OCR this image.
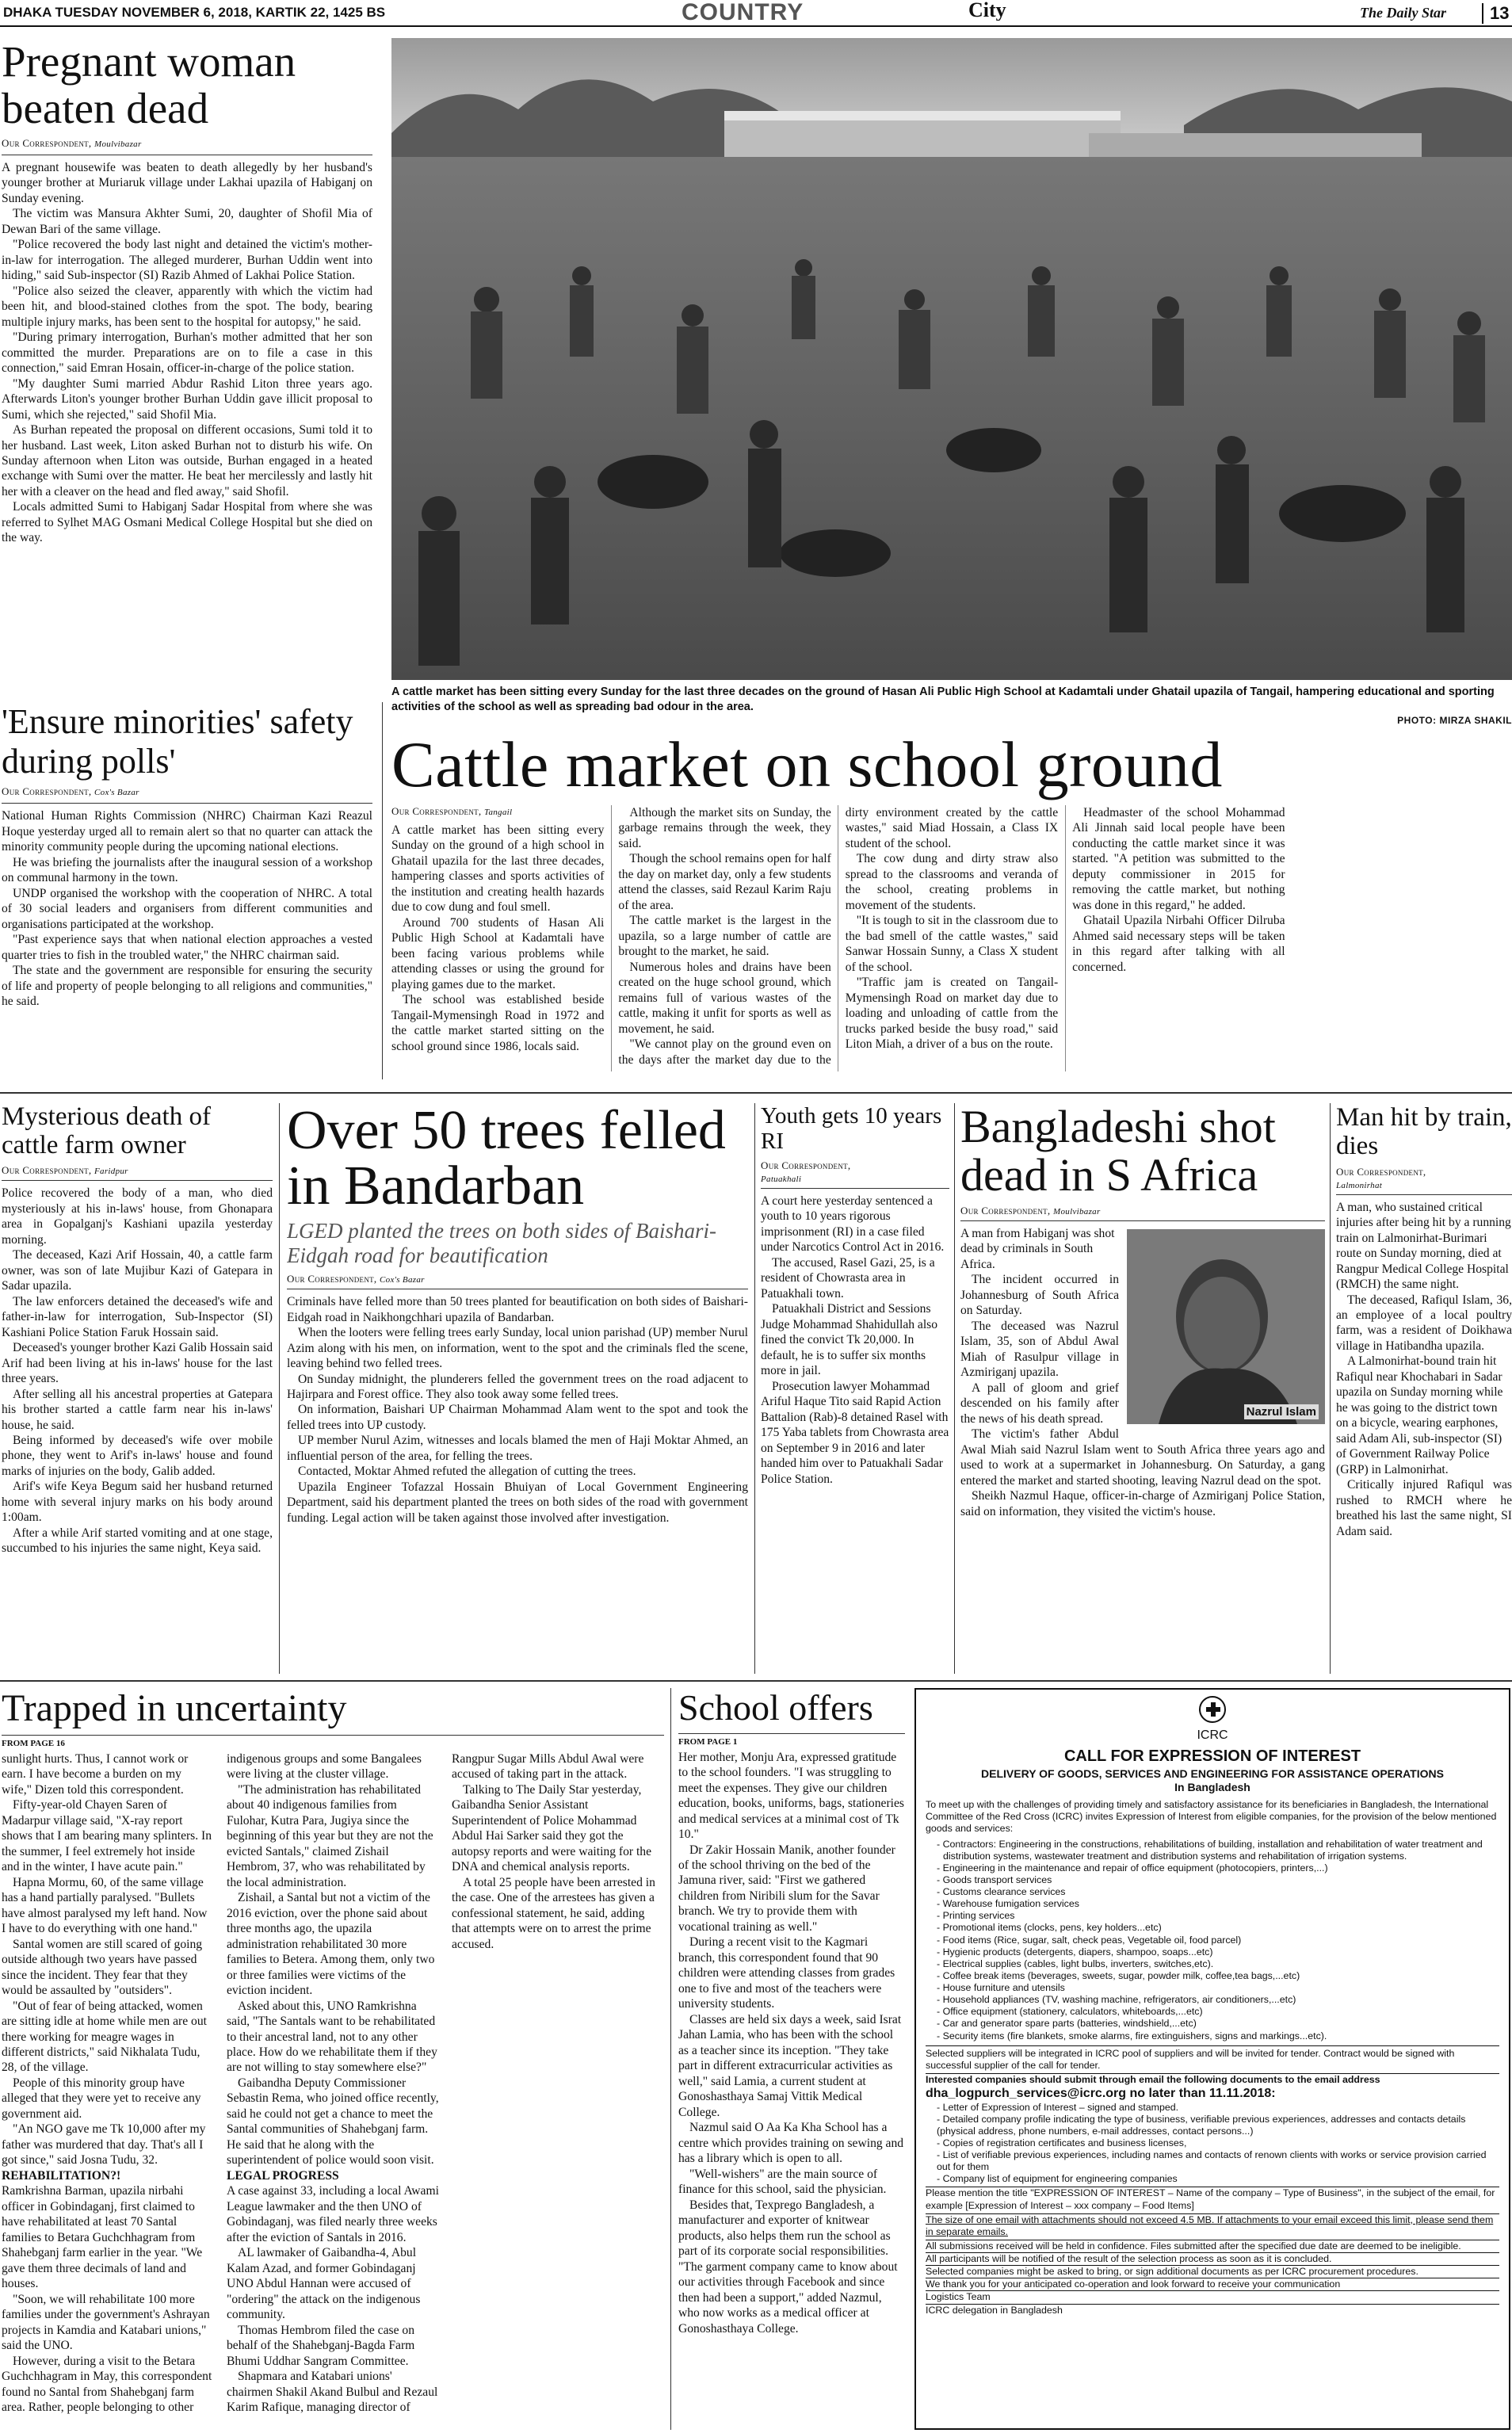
DHAKA TUESDAY NOVEMBER 6, 2018, KARTIK 22, 1425 BS	COUNTRY	City	The Daily Star	13
Pregnant woman beaten dead
Our Correspondent, Moulvibazar

A pregnant housewife was beaten to death allegedly by her husband's younger brother at Muriaruk village under Lakhai upazila of Habiganj on Sunday evening.

The victim was Mansura Akhter Sumi, 20, daughter of Shofil Mia of Dewan Bari of the same village.

"Police recovered the body last night and detained the victim's mother-in-law for interrogation. The alleged murderer, Burhan Uddin went into hiding," said Sub-inspector (SI) Razib Ahmed of Lakhai Police Station.

"Police also seized the cleaver, apparently with which the victim had been hit, and blood-stained clothes from the spot. The body, bearing multiple injury marks, has been sent to the hospital for autopsy," he said.

"During primary interrogation, Burhan's mother admitted that her son committed the murder. Preparations are on to file a case in this connection," said Emran Hosain, officer-in-charge of the police station.

"My daughter Sumi married Abdur Rashid Liton three years ago. Afterwards Liton's younger brother Burhan Uddin gave illicit proposal to Sumi, which she rejected," said Shofil Mia.

As Burhan repeated the proposal on different occasions, Sumi told it to her husband. Last week, Liton asked Burhan not to disturb his wife. On Sunday afternoon when Liton was outside, Burhan engaged in a heated exchange with Sumi over the matter. He beat her mercilessly and lastly hit her with a cleaver on the head and fled away," said Shofil.

Locals admitted Sumi to Habiganj Sadar Hospital from where she was referred to Sylhet MAG Osmani Medical College Hospital but she died on the way.

A cattle market has been sitting every Sunday for the last three decades on the ground of Hasan Ali Public High School at Kadamtali under Ghatail upazila of Tangail, hampering educational and sporting activities of the school as well as spreading bad odour in the area.
PHOTO: MIRZA SHAKIL
'Ensure minorities' safety during polls'
Our Correspondent, Cox's Bazar

National Human Rights Commission (NHRC) Chairman Kazi Reazul Hoque yesterday urged all to remain alert so that no quarter can attack the minority community people during the upcoming national elections.

He was briefing the journalists after the inaugural session of a workshop on communal harmony in the town.

UNDP organised the workshop with the cooperation of NHRC. A total of 30 social leaders and organisers from different communities and organisations participated at the workshop.

"Past experience says that when national election approaches a vested quarter tries to fish in the troubled water," the NHRC chairman said.

The state and the government are responsible for ensuring the security of life and property of people belonging to all religions and communities," he said.

Cattle market on school ground
Our Correspondent, Tangail

A cattle market has been sitting every Sunday on the ground of a high school in Ghatail upazila for the last three decades, hampering classes and sports activities of the institution and creating health hazards due to cow dung and foul smell.

Around 700 students of Hasan Ali Public High School at Kadamtali have been facing various problems while attending classes or using the ground for playing games due to the market.

The school was established beside Tangail-Mymensingh Road in 1972 and the cattle market started sitting on the school ground since 1986, locals said.

Although the market sits on Sunday, the garbage remains through the week, they said.

Though the school remains open for half the day on market day, only a few students attend the classes, said Rezaul Karim Raju of the area.

The cattle market is the largest in the upazila, so a large number of cattle are brought to the market, he said.

Numerous holes and drains have been created on the huge school ground, which remains full of various wastes of the cattle, making it unfit for sports as well as movement, he said.

"We cannot play on the ground even on the days after the market day due to the dirty environment created by the cattle wastes," said Miad Hossain, a Class IX student of the school.

The cow dung and dirty straw also spread to the classrooms and veranda of the school, creating problems in movement of the students.

"It is tough to sit in the classroom due to the bad smell of the cattle wastes," said Sanwar Hossain Sunny, a Class X student of the school.

"Traffic jam is created on Tangail-Mymensingh Road on market day due to loading and unloading of cattle from the trucks parked beside the busy road," said Liton Miah, a driver of a bus on the route.

Headmaster of the school Mohammad Ali Jinnah said local people have been conducting the cattle market since it was started. "A petition was submitted to the deputy commissioner in 2015 for removing the cattle market, but nothing was done in this regard," he added.

Ghatail Upazila Nirbahi Officer Dilruba Ahmed said necessary steps will be taken in this regard after talking with all concerned.

Mysterious death of cattle farm owner
Our Correspondent, Faridpur

Police recovered the body of a man, who died mysteriously at his in-laws' house, from Ghonapara area in Gopalganj's Kashiani upazila yesterday morning.

The deceased, Kazi Arif Hossain, 40, a cattle farm owner, was son of late Mujibur Kazi of Gatepara in Sadar upazila.

The law enforcers detained the deceased's wife and father-in-law for interrogation, Sub-Inspector (SI) Kashiani Police Station Faruk Hossain said.

Deceased's younger brother Kazi Galib Hossain said Arif had been living at his in-laws' house for the last three years.

After selling all his ancestral properties at Gatepara his brother started a cattle farm near his in-laws' house, he said.

Being informed by deceased's wife over mobile phone, they went to Arif's in-laws' house and found marks of injuries on the body, Galib added.

Arif's wife Keya Begum said her husband returned home with several injury marks on his body around 1:00am.

After a while Arif started vomiting and at one stage, succumbed to his injuries the same night, Keya said.

Over 50 trees felled in Bandarban
LGED planted the trees on both sides of Baishari-Eidgah road for beautification
Our Correspondent, Cox's Bazar

Criminals have felled more than 50 trees planted for beautification on both sides of Baishari-Eidgah road in Naikhongchhari upazila of Bandarban.

When the looters were felling trees early Sunday, local union parishad (UP) member Nurul Azim along with his men, on information, went to the spot and the criminals fled the scene, leaving behind two felled trees.

On Sunday midnight, the plunderers felled the government trees on the road adjacent to Hajirpara and Forest office. They also took away some felled trees.

On information, Baishari UP Chairman Mohammad Alam went to the spot and took the felled trees into UP custody.

UP member Nurul Azim, witnesses and locals blamed the men of Haji Moktar Ahmed, an influential person of the area, for felling the trees.

Contacted, Moktar Ahmed refuted the allegation of cutting the trees.

Upazila Engineer Tofazzal Hossain Bhuiyan of Local Government Engineering Department, said his department planted the trees on both sides of the road with government funding. Legal action will be taken against those involved after investigation.

Youth gets 10 years RI
Our Correspondent,
Patuakhali

A court here yesterday sentenced a youth to 10 years rigorous imprisonment (RI) in a case filed under Narcotics Control Act in 2016.

The accused, Rasel Gazi, 25, is a resident of Chowrasta area in Patuakhali town.

Patuakhali District and Sessions Judge Mohammad Shahidullah also fined the convict Tk 20,000. In default, he is to suffer six months more in jail.

Prosecution lawyer Mohammad Ariful Haque Tito said Rapid Action Battalion (Rab)-8 detained Rasel with 175 Yaba tablets from Chowrasta area on September 9 in 2016 and later handed him over to Patuakhali Sadar Police Station.

Bangladeshi shot dead in S Africa
Our Correspondent, Moulvibazar
Nazrul Islam

A man from Habiganj was shot dead by criminals in South Africa.

The incident occurred in Johannesburg of South Africa on Saturday.

The deceased was Nazrul Islam, 35, son of Abdul Awal Miah of Rasulpur village in Azmiriganj upazila.

A pall of gloom and grief descended on his family after the news of his death spread.

The victim's father Abdul Awal Miah said Nazrul Islam went to South Africa three years ago and used to work at a supermarket in Johannesburg. On Saturday, a gang entered the market and started shooting, leaving Nazrul dead on the spot.

Sheikh Nazmul Haque, officer-in-charge of Azmiriganj Police Station, said on information, they visited the victim's house.

Man hit by train, dies
Our Correspondent,
Lalmonirhat

A man, who sustained critical injuries after being hit by a running train on Lalmonirhat-Burimari route on Sunday morning, died at Rangpur Medical College Hospital (RMCH) the same night.

The deceased, Rafiqul Islam, 36, an employee of a local poultry farm, was a resident of Doikhawa village in Hatibandha upazila.

A Lalmonirhat-bound train hit Rafiqul near Khochabari in Sadar upazila on Sunday morning while he was going to the district town on a bicycle, wearing earphones, said Adam Ali, sub-inspector (SI) of Government Railway Police (GRP) in Lalmonirhat.

Critically injured Rafiqul was rushed to RMCH where he breathed his last the same night, SI Adam said.

Trapped in uncertainty
FROM PAGE 16

sunlight hurts. Thus, I cannot work or earn. I have become a burden on my wife," Dizen told this correspondent.

Fifty-year-old Chayen Saren of Madarpur village said, "X-ray report shows that I am bearing many splinters. In the summer, I feel extremely hot inside and in the winter, I have acute pain."

Hapna Mormu, 60, of the same village has a hand partially paralysed. "Bullets have almost paralysed my left hand. Now I have to do everything with one hand."

Santal women are still scared of going outside although two years have passed since the incident. They fear that they would be assaulted by "outsiders".

"Out of fear of being attacked, women are sitting idle at home while men are out there working for meagre wages in different districts," said Nikhalata Tudu, 28, of the village.

People of this minority group have alleged that they were yet to receive any government aid.

"An NGO gave me Tk 10,000 after my father was murdered that day. That's all I got since," said Josna Tudu, 32.

REHABILITATION?!

Ramkrishna Barman, upazila nirbahi officer in Gobindaganj, first claimed to have rehabilitated at least 70 Santal families to Betara Guchchhagram from Shahebganj farm earlier in the year. "We gave them three decimals of land and houses.

"Soon, we will rehabilitate 100 more families under the government's Ashrayan projects in Kamdia and Katabari unions," said the UNO.

However, during a visit to the Betara Guchchhagram in May, this correspondent found no Santal from Shahebganj farm area. Rather, people belonging to other indigenous groups and some Bangalees were living at the cluster village.

"The administration has rehabilitated about 40 indigenous families from Fulohar, Kutra Para, Jugiya since the beginning of this year but they are not the evicted Santals," claimed Zishail Hembrom, 37, who was rehabilitated by the local administration.

Zishail, a Santal but not a victim of the 2016 eviction, over the phone said about three months ago, the upazila administration rehabilitated 30 more families to Betera. Among them, only two or three families were victims of the eviction incident.

Asked about this, UNO Ramkrishna said, "The Santals want to be rehabilitated to their ancestral land, not to any other place. How do we rehabilitate them if they are not willing to stay somewhere else?"

Gaibandha Deputy Commissioner Sebastin Rema, who joined office recently, said he could not get a chance to meet the Santal communities of Shahebganj farm. He said that he along with the superintendent of police would soon visit.

LEGAL PROGRESS

A case against 33, including a local Awami League lawmaker and the then UNO of Gobindaganj, was filed nearly three weeks after the eviction of Santals in 2016.

AL lawmaker of Gaibandha-4, Abul Kalam Azad, and former Gobindaganj UNO Abdul Hannan were accused of "ordering" the attack on the indigenous community.

Thomas Hembrom filed the case on behalf of the Shahebganj-Bagda Farm Bhumi Uddhar Sangram Committee.

Shapmara and Katabari unions' chairmen Shakil Akand Bulbul and Rezaul Karim Rafique, managing director of Rangpur Sugar Mills Abdul Awal were accused of taking part in the attack.

Talking to The Daily Star yesterday, Gaibandha Senior Assistant Superintendent of Police Mohammad Abdul Hai Sarker said they got the autopsy reports and were waiting for the DNA and chemical analysis reports.

A total 25 people have been arrested in the case. One of the arrestees has given a confessional statement, he said, adding that attempts were on to arrest the prime accused.

School offers
FROM PAGE 1

Her mother, Monju Ara, expressed gratitude to the school founders. "I was struggling to meet the expenses. They give our children education, books, uniforms, bags, stationeries and medical services at a minimal cost of Tk 10."

Dr Zakir Hossain Manik, another founder of the school thriving on the bed of the Jamuna river, said: "First we gathered children from Niribili slum for the Savar branch. We try to provide them with vocational training as well."

During a recent visit to the Kagmari branch, this correspondent found that 90 children were attending classes from grades one to five and most of the teachers were university students.

Classes are held six days a week, said Israt Jahan Lamia, who has been with the school as a teacher since its inception. "They take part in different extracurricular activities as well," said Lamia, a current student at Gonoshasthaya Samaj Vittik Medical College.

Nazmul said O Aa Ka Kha School has a centre which provides training on sewing and has a library which is open to all.

"Well-wishers" are the main source of finance for this school, said the physician.

Besides that, Texprego Bangladesh, a manufacturer and exporter of knitwear products, also helps them run the school as part of its corporate social responsibilities. "The garment company came to know about our activities through Facebook and since then had been a support," added Nazmul, who now works as a medical officer at Gonoshasthaya College.

ICRC
CALL FOR EXPRESSION OF INTEREST
DELIVERY OF GOODS, SERVICES AND ENGINEERING FOR ASSISTANCE OPERATIONS
In Bangladesh
To meet up with the challenges of providing timely and satisfactory assistance for its beneficiaries in Bangladesh, the International Committee of the Red Cross (ICRC) invites Expression of Interest from eligible companies, for the provision of the below mentioned goods and services:
- Contractors: Engineering in the constructions, rehabilitations of building, installation and rehabilitation of water treatment and distribution systems, wastewater treatment and distribution systems and rehabilitation of irrigation systems.
- Engineering in the maintenance and repair of office equipment (photocopiers, printers,...)
- Goods transport services
- Customs clearance services
- Warehouse fumigation services
- Printing services
- Promotional items (clocks, pens, key holders...etc)
- Food items (Rice, sugar, salt, check peas, Vegetable oil, food parcel)
- Hygienic products (detergents, diapers, shampoo, soaps...etc)
- Electrical supplies (cables, light bulbs, inverters, switches,etc).
- Coffee break items (beverages, sweets, sugar, powder milk, coffee,tea bags,...etc)
- House furniture and utensils
- Household appliances (TV, washing machine, refrigerators, air conditioners,...etc)
- Office equipment (stationery, calculators, whiteboards,...etc)
- Car and generator spare parts (batteries, windshield,...etc)
- Security items (fire blankets, smoke alarms, fire extinguishers, signs and markings...etc).
Selected suppliers will be integrated in ICRC pool of suppliers and will be invited for tender. Contract would be signed with successful supplier of the call for tender.
Interested companies should submit through email the following documents to the email address
dha_logpurch_services@icrc.org no later than 11.11.2018:
- Letter of Expression of Interest – signed and stamped.
- Detailed company profile indicating the type of business, verifiable previous experiences, addresses and contacts details (physical address, phone numbers, e-mail addresses, contact persons...)
- Copies of registration certificates and business licenses,
- List of verifiable previous experiences, including names and contacts of renown clients with works or service provision carried out for them
- Company list of equipment for engineering companies
Please mention the title "EXPRESSION OF INTEREST – Name of the company – Type of Business", in the subject of the email, for example [Expression of Interest – xxx company – Food Items]
The size of one email with attachments should not exceed 4.5 MB. If attachments to your email exceed this limit, please send them in separate emails.
All submissions received will be held in confidence. Files submitted after the specified due date are deemed to be ineligible.
All participants will be notified of the result of the selection process as soon as it is concluded.
Selected companies might be asked to bring, or sign additional documents as per ICRC procurement procedures.
We thank you for your anticipated co-operation and look forward to receive your communication
Logistics Team
ICRC delegation in Bangladesh
